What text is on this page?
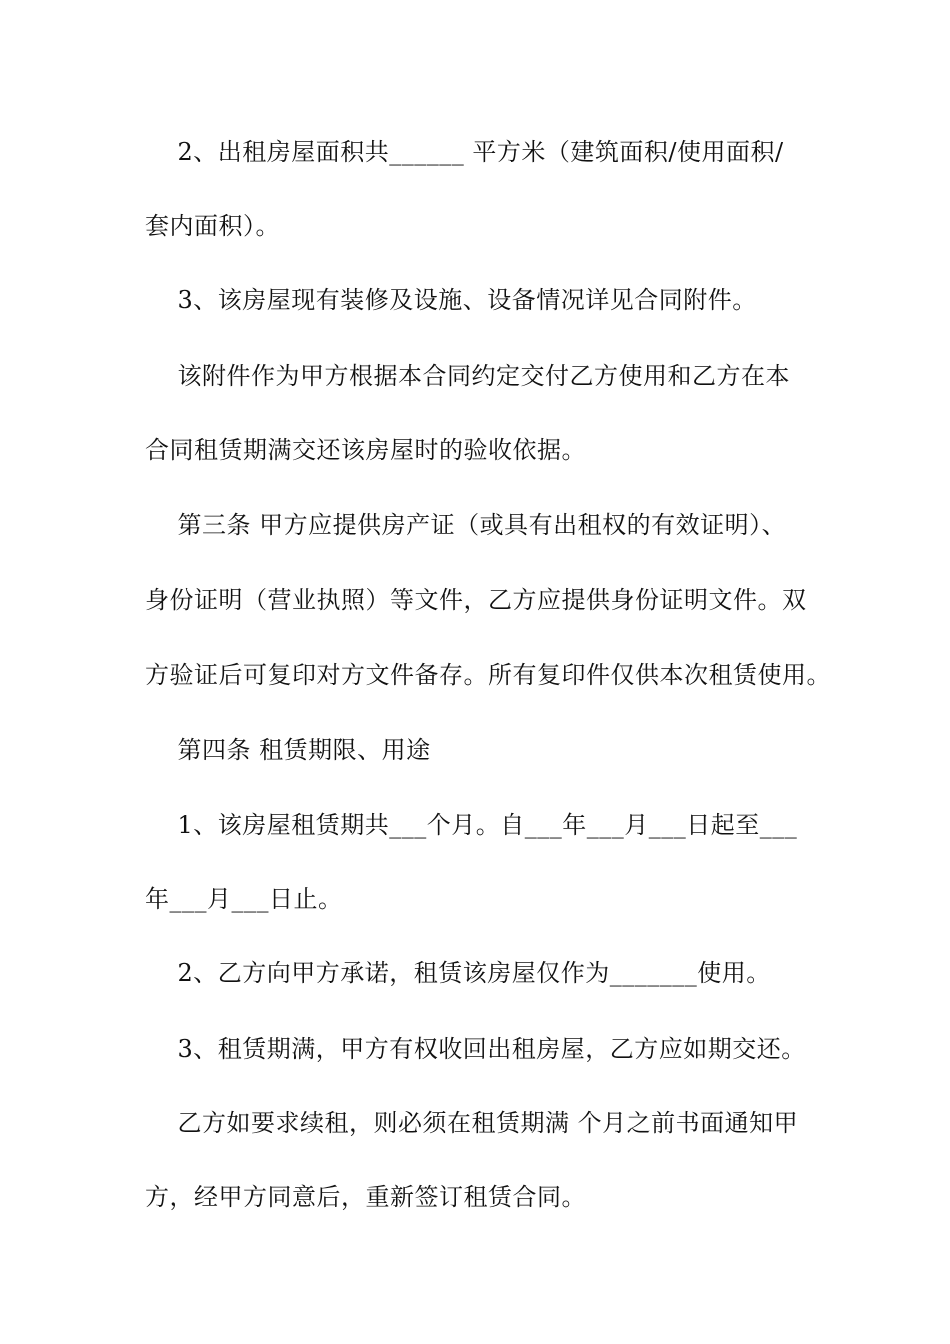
2、出租房屋面积共______ 平方米（建筑面积/使用面积/
套内面积）。
3、该房屋现有装修及设施、设备情况详见合同附件。
该附件作为甲方根据本合同约定交付乙方使用和乙方在本
合同租赁期满交还该房屋时的验收依据。
第三条 甲方应提供房产证（或具有出租权的有效证明）、
身份证明（营业执照）等文件，乙方应提供身份证明文件。双
方验证后可复印对方文件备存。所有复印件仅供本次租赁使用。
第四条 租赁期限、用途
1、该房屋租赁期共___个月。自___年___月___日起至___
年___月___日止。
2、乙方向甲方承诺，租赁该房屋仅作为_______使用。
3、租赁期满，甲方有权收回出租房屋，乙方应如期交还。
乙方如要求续租，则必须在租赁期满 个月之前书面通知甲
方，经甲方同意后，重新签订租赁合同。
